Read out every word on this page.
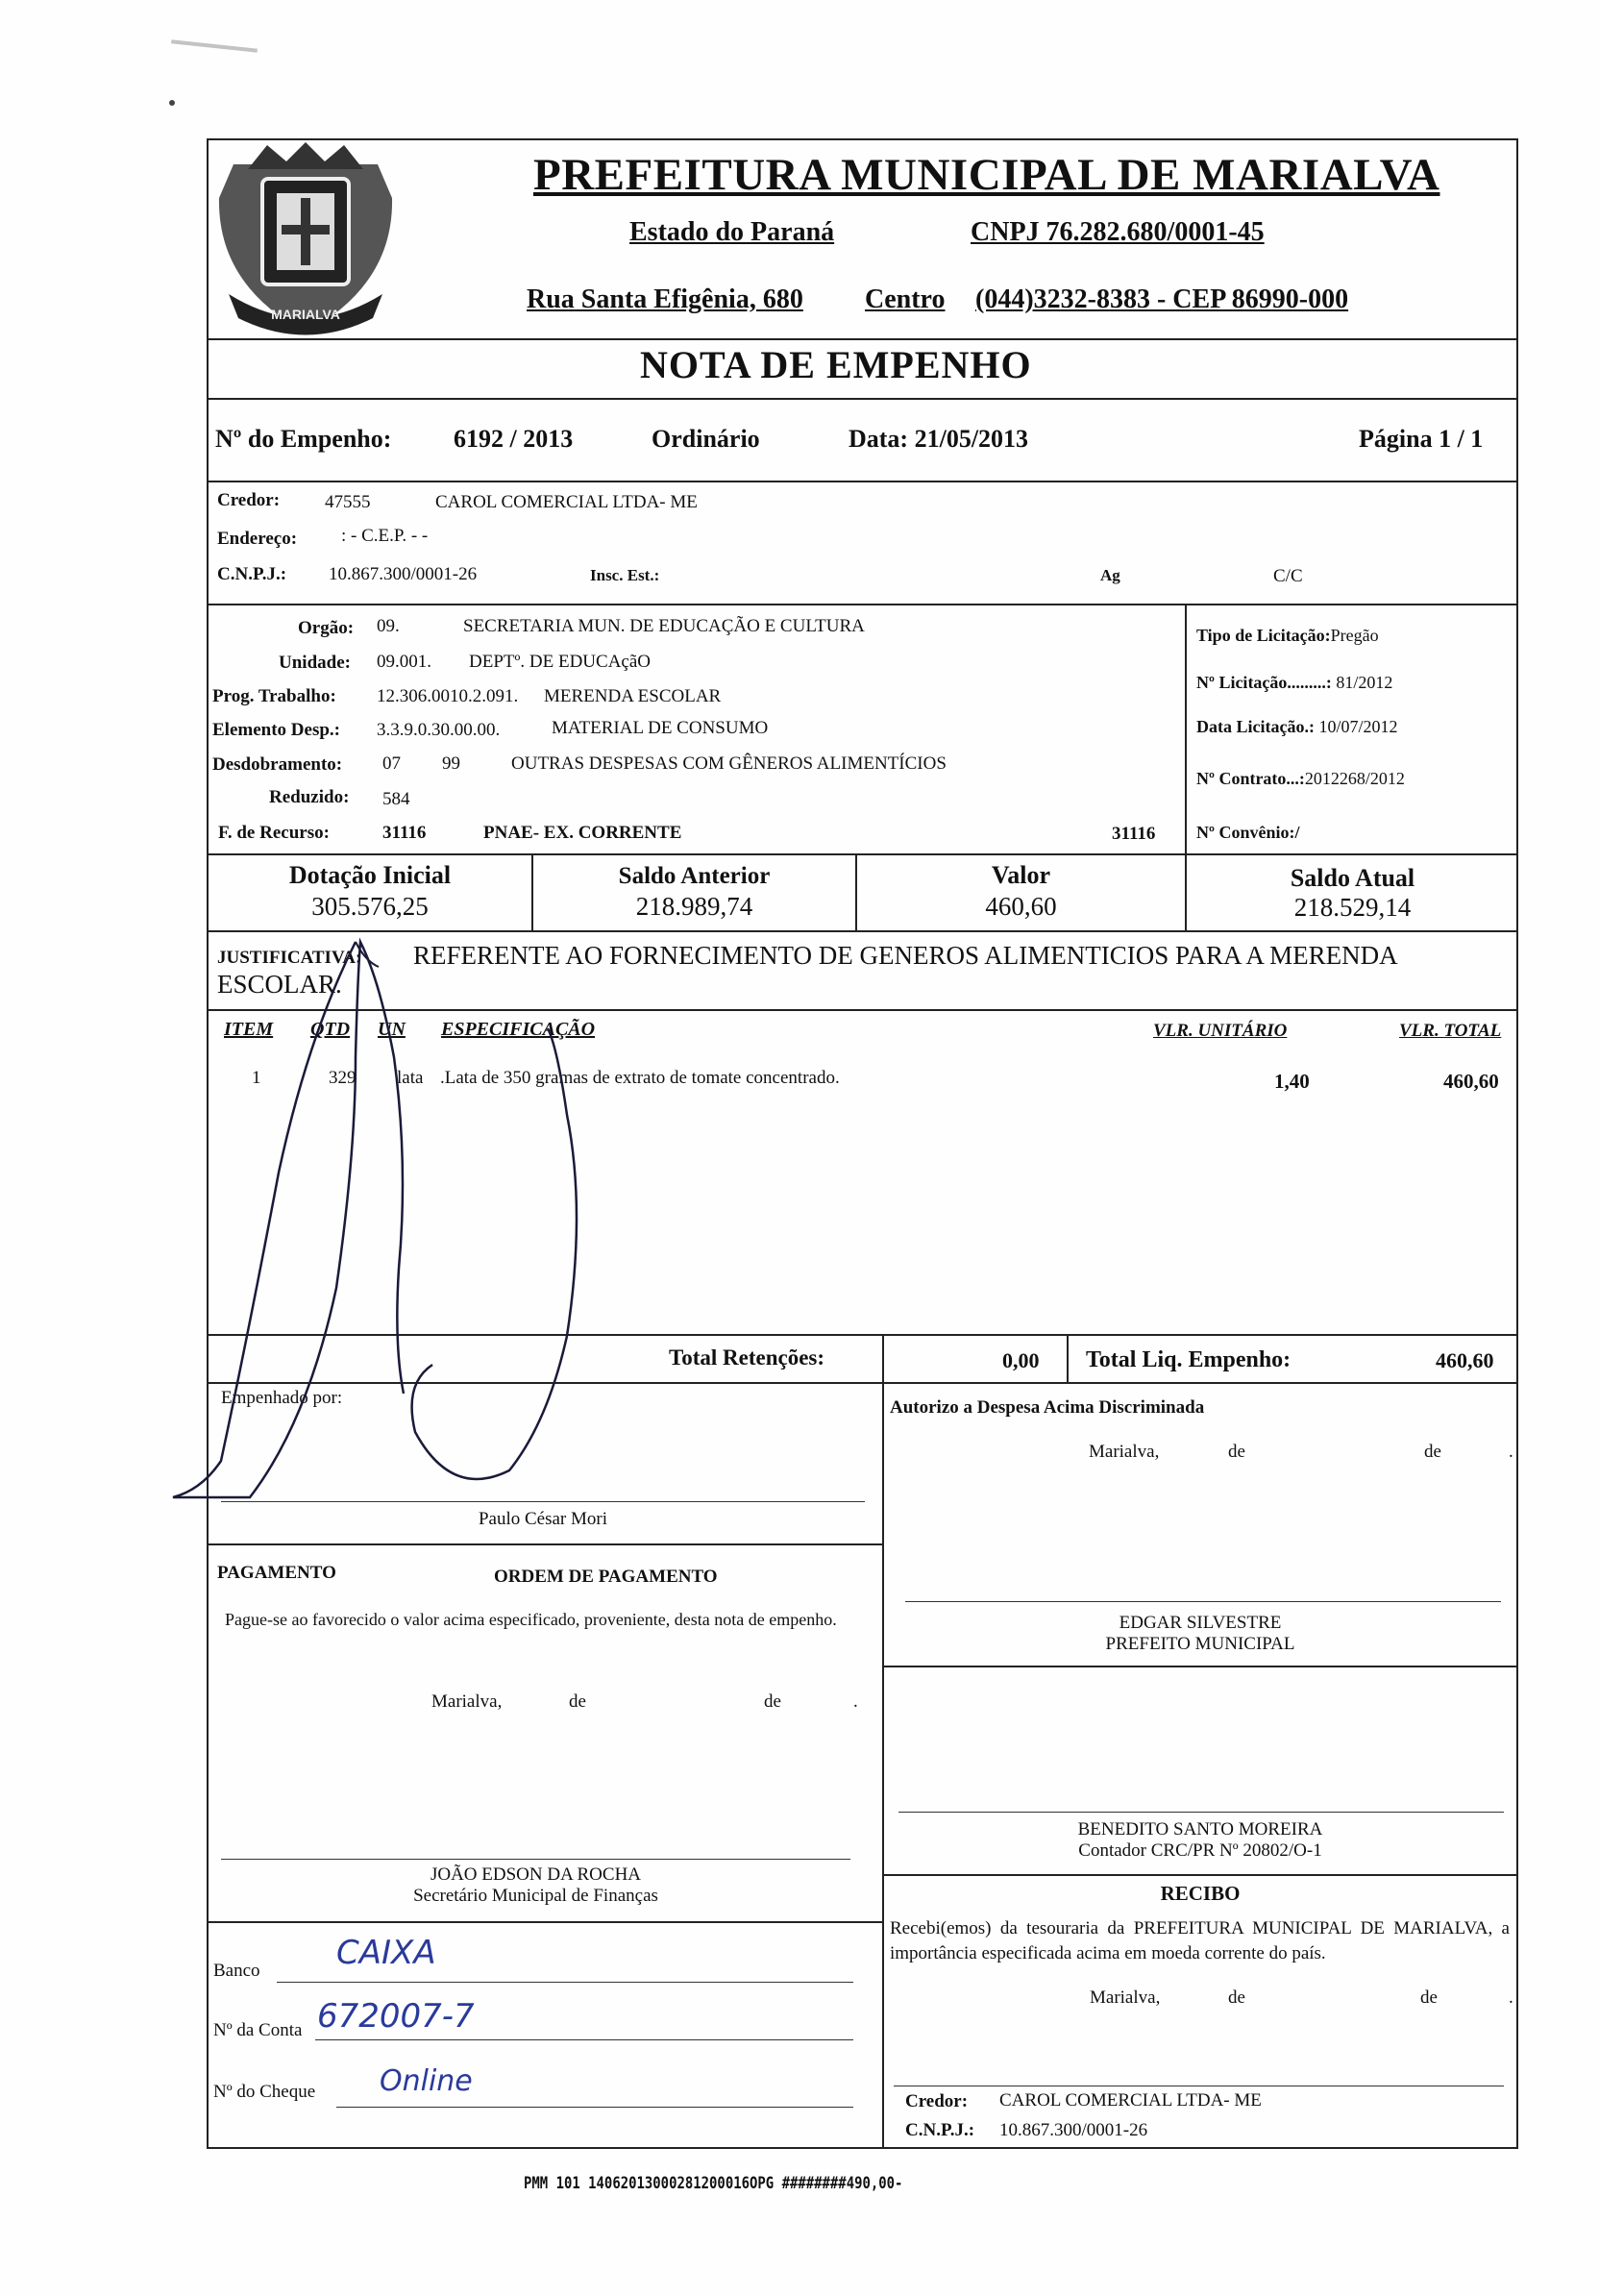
MARIALVA
PREFEITURA MUNICIPAL DE MARIALVA
Estado do Paraná	CNPJ 76.282.680/0001-45
Rua Santa Efigênia, 680 Centro (044)3232-8383 - CEP 86990-000
NOTA DE EMPENHO
Nº do Empenho: 6192 / 2013	Ordinário	Data: 21/05/2013	Página 1 / 1
Credor: 47555	CAROL COMERCIAL LTDA- ME
Endereço: : - C.E.P. - -
C.N.P.J.: 10.867.300/0001-26	Insc. Est.:	Ag	C/C
Orgão: 09.	SECRETARIA MUN. DE EDUCAÇÃO E CULTURA
Unidade: 09.001. DEPTº. DE EDUCAçãO
Prog. Trabalho: 12.306.0010.2.091. MERENDA ESCOLAR
Elemento Desp.: 3.3.9.0.30.00.00.	MATERIAL DE CONSUMO
Desdobramento: 07 99	OUTRAS DESPESAS COM GÊNEROS ALIMENTÍCIOS
Reduzido: 584
F. de Recurso:	31116	PNAE- EX. CORRENTE	31116
Tipo de Licitação:Pregão
Nº Licitação.........: 81/2012
Data Licitação.: 10/07/2012
Nº Contrato...:2012268/2012
Nº Convênio:/
Dotação Inicial
305.576,25
Saldo Anterior
218.989,74
Valor
460,60
Saldo Atual
218.529,14
JUSTIFICATIVA: REFERENTE AO FORNECIMENTO DE GENEROS ALIMENTICIOS PARA A MERENDA
ESCOLAR.
ITEM QTD UN ESPECIFICAÇÃO	VLR. UNITÁRIO	VLR. TOTAL
1	329 lata .Lata de 350 gramas de extrato de tomate concentrado.	1,40	460,60
Total Retenções:	0,00 Total Liq. Empenho:	460,60
Empenhado por:
Paulo César Mori
Autorizo a Despesa Acima Discriminada
Marialva,	de	de	.
EDGAR SILVESTRE
PREFEITO MUNICIPAL
PAGAMENTO	ORDEM DE PAGAMENTO
Pague-se ao favorecido o valor acima especificado, proveniente, desta nota de empenho.
Marialva,	de	de	.
JOÃO EDSON DA ROCHA
Secretário Municipal de Finanças
BENEDITO SANTO MOREIRA
Contador CRC/PR Nº 20802/O-1
RECIBO
Recebi(emos) da tesouraria da PREFEITURA MUNICIPAL DE MARIALVA, a importância especificada acima em moeda corrente do país.
Marialva,	de	de	.
Credor: CAROL COMERCIAL LTDA- ME
C.N.P.J.: 10.867.300/0001-26
Banco CAIXA
Nº da Conta 672007-7
Nº do Cheque Online
PMM 101 14062013000281200016OPG ########490,00-
